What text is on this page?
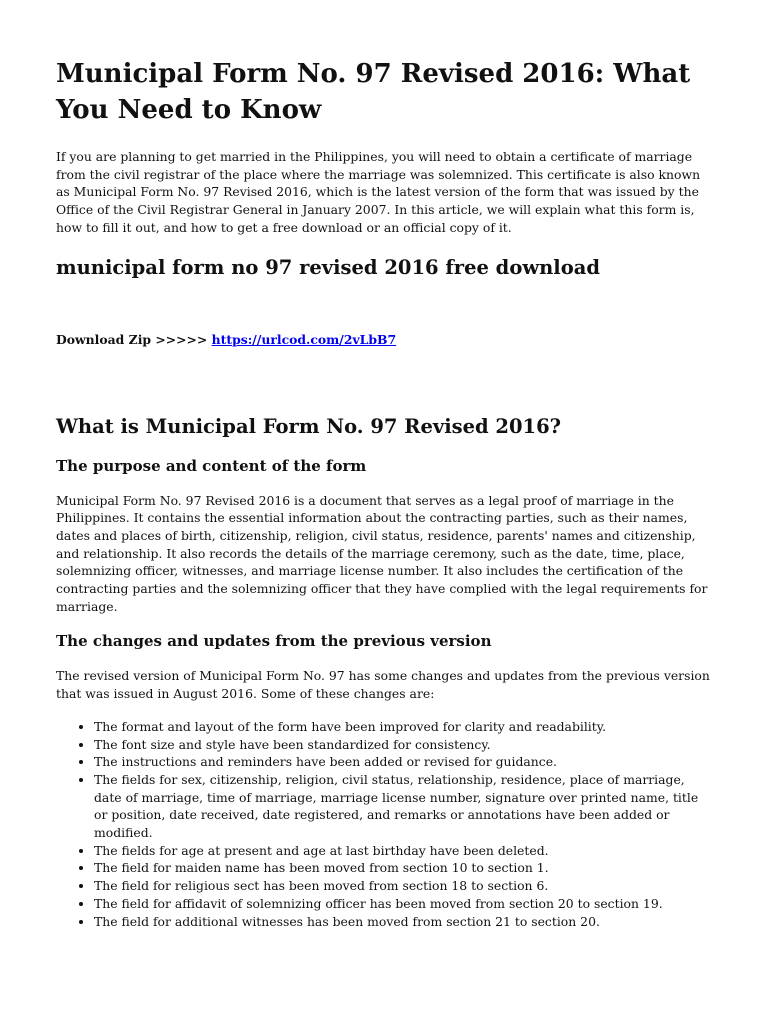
Municipal Form No. 97 Revised 2016: What You Need to Know

If you are planning to get married in the Philippines, you will need to obtain a certificate of marriage from the civil registrar of the place where the marriage was solemnized. This certificate is also known as Municipal Form No. 97 Revised 2016, which is the latest version of the form that was issued by the Office of the Civil Registrar General in January 2007. In this article, we will explain what this form is, how to fill it out, and how to get a free download or an official copy of it.

municipal form no 97 revised 2016 free download
Download Zip >>>>> https://urlcod.com/2vLbB7
What is Municipal Form No. 97 Revised 2016?
The purpose and content of the form

Municipal Form No. 97 Revised 2016 is a document that serves as a legal proof of marriage in the Philippines. It contains the essential information about the contracting parties, such as their names, dates and places of birth, citizenship, religion, civil status, residence, parents' names and citizenship, and relationship. It also records the details of the marriage ceremony, such as the date, time, place, solemnizing officer, witnesses, and marriage license number. It also includes the certification of the contracting parties and the solemnizing officer that they have complied with the legal requirements for marriage.

The changes and updates from the previous version

The revised version of Municipal Form No. 97 has some changes and updates from the previous version that was issued in August 2016. Some of these changes are:

• The format and layout of the form have been improved for clarity and readability.
• The font size and style have been standardized for consistency.
• The instructions and reminders have been added or revised for guidance.
• The fields for sex, citizenship, religion, civil status, relationship, residence, place of marriage, date of marriage, time of marriage, marriage license number, signature over printed name, title or position, date received, date registered, and remarks or annotations have been added or modified.
• The fields for age at present and age at last birthday have been deleted.
• The field for maiden name has been moved from section 10 to section 1.
• The field for religious sect has been moved from section 18 to section 6.
• The field for affidavit of solemnizing officer has been moved from section 20 to section 19.
• The field for additional witnesses has been moved from section 21 to section 20.
